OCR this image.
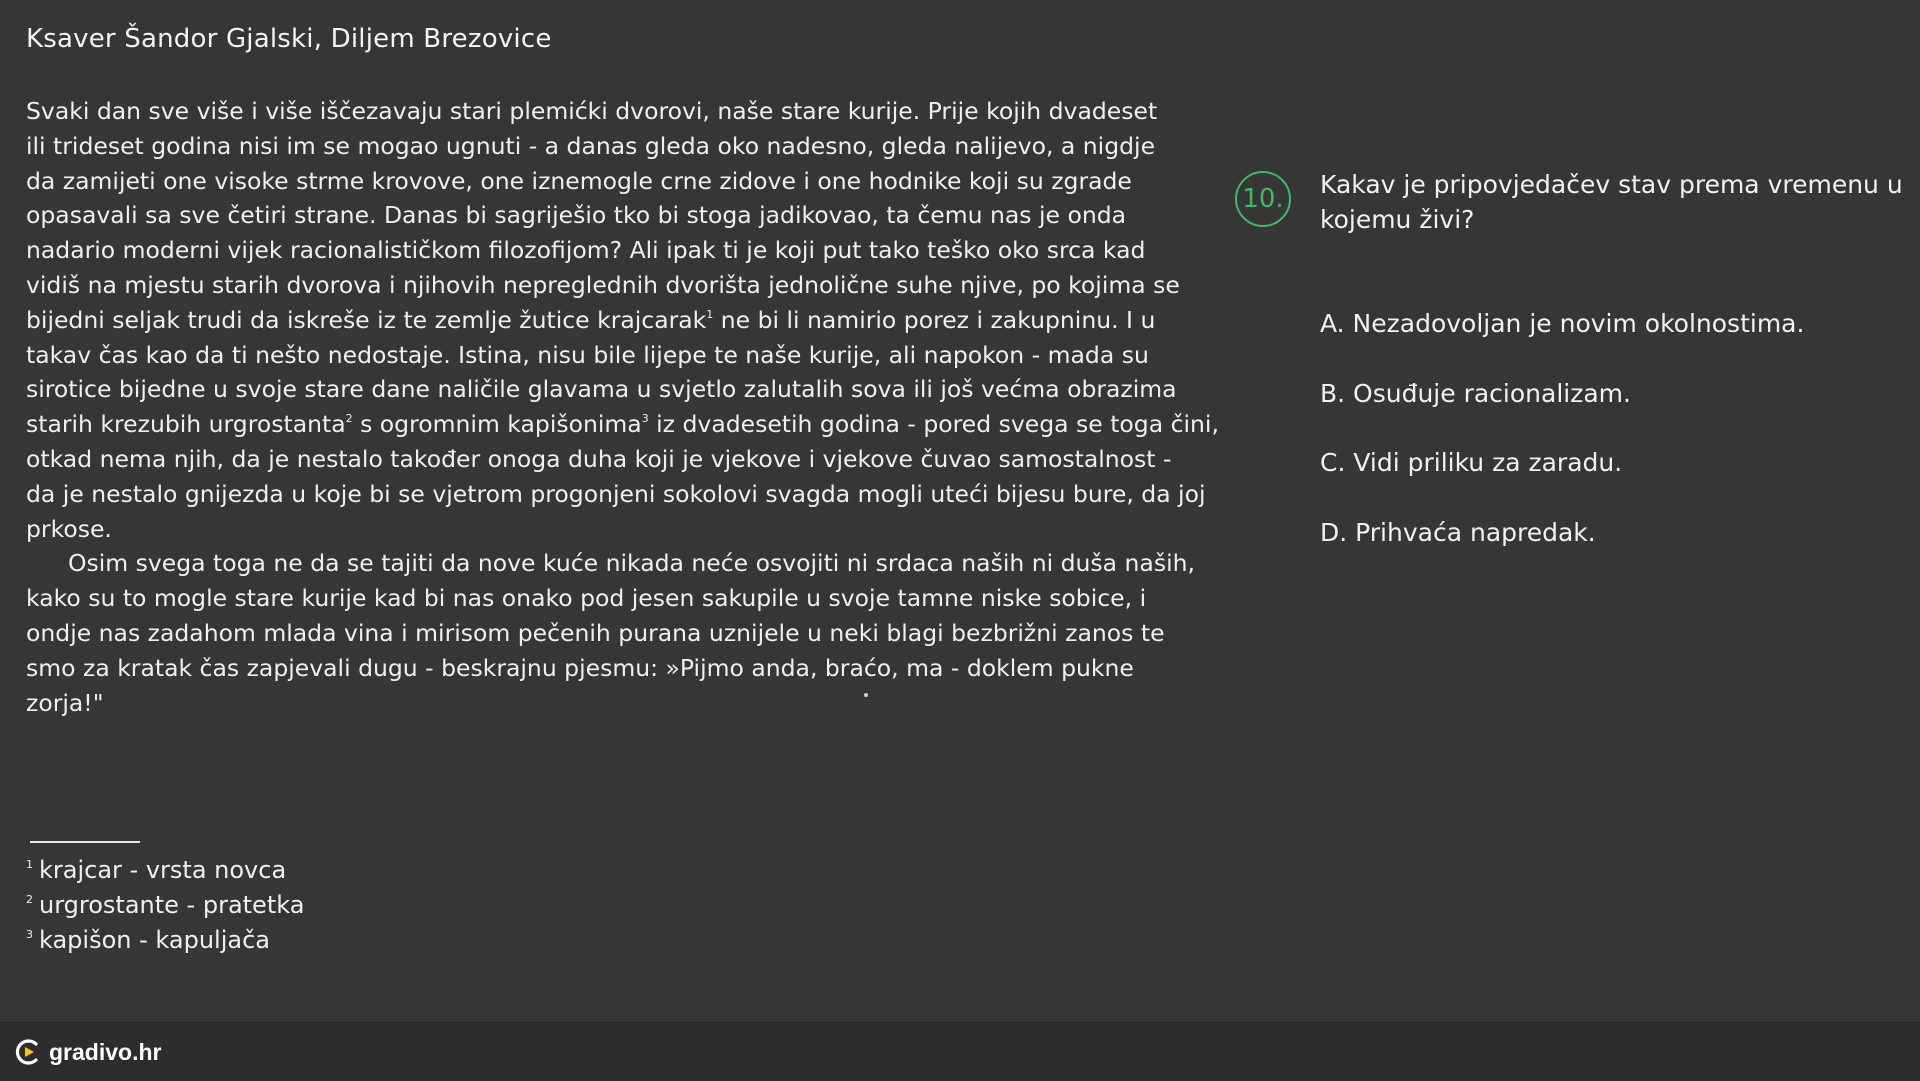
Ksaver Šandor Gjalski, Diljem Brezovice
Svaki dan sve više i više iščezavaju stari plemićki dvorovi, naše stare kurije. Prije kojih dvadeset
ili trideset godina nisi im se mogao ugnuti - a danas gleda oko nadesno, gleda nalijevo, a nigdje
da zamijeti one visoke strme krovove, one iznemogle crne zidove i one hodnike koji su zgrade
opasavali sa sve četiri strane. Danas bi sagriješio tko bi stoga jadikovao, ta čemu nas je onda
nadario moderni vijek racionalističkom filozofijom? Ali ipak ti je koji put tako teško oko srca kad
vidiš na mjestu starih dvorova i njihovih nepreglednih dvorišta jednolične suhe njive, po kojima se
bijedni seljak trudi da iskreše iz te zemlje žutice krajcarak$^1$ ne bi li namirio porez i zakupninu. I u
takav čas kao da ti nešto nedostaje. Istina, nisu bile lijepe te naše kurije, ali napokon - mada su
sirotice bijedne u svoje stare dane naličile glavama u svjetlo zalutalih sova ili još većma obrazima
starih krezubih urgrostanta$^2$ s ogromnim kapišonima$^3$ iz dvadesetih godina - pored svega se toga čini,
otkad nema njih, da je nestalo također onoga duha koji je vjekove i vjekove čuvao samostalnost -
da je nestalo gnijezda u koje bi se vjetrom progonjeni sokolovi svagda mogli uteći bijesu bure, da joj
prkose.
Osim svega toga ne da se tajiti da nove kuće nikada neće osvojiti ni srdaca naših ni duša naših,
kako su to mogle stare kurije kad bi nas onako pod jesen sakupile u svoje tamne niske sobice, i
ondje nas zadahom mlada vina i mirisom pečenih purana uznijele u neki blagi bezbrižni zanos te
smo za kratak čas zapjevali dugu - beskrajnu pjesmu: »Pijmo anda, braćo, ma - doklem pukne
zorja!"
$^1$ krajcar - vrsta novca
$^2$ urgrostante - pratetka
$^3$ kapišon - kapuljača
10. Kakav je pripovjedačev stav prema vremenu u kojemu živi?
A. Nezadovoljan je novim okolnostima.
B. Osuđuje racionalizam.
C. Vidi priliku za zaradu.
D. Prihvaća napredak.
gradivo.hr
